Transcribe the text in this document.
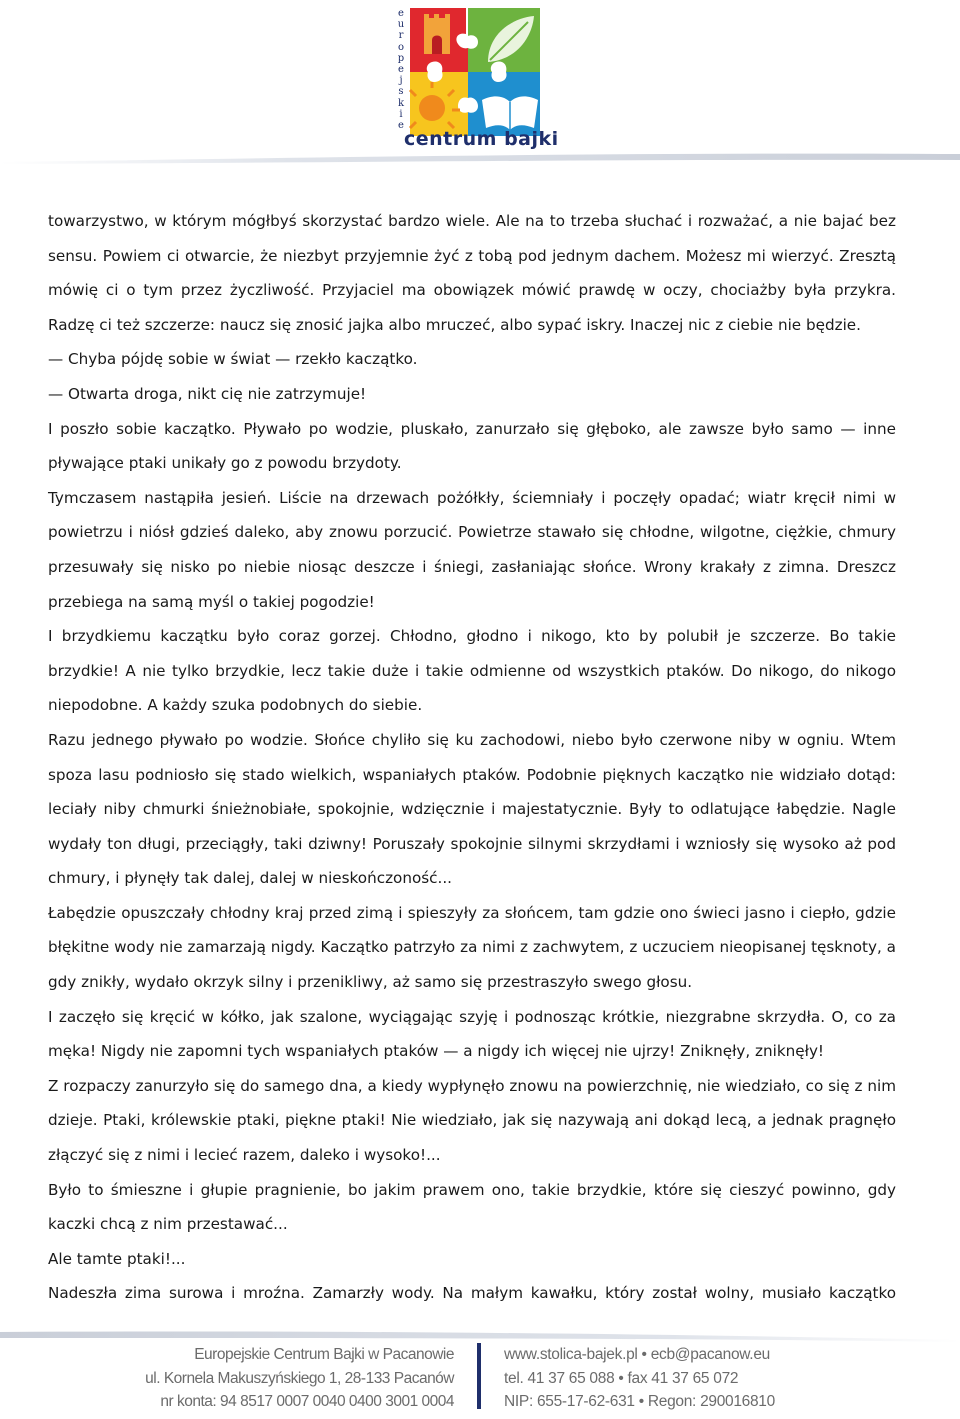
e
u
r
o
p
e
j
s
k
i
e
centrum bajki

towarzystwo, w którym mógłbyś skorzystać bardzo wiele. Ale na to trzeba słuchać i rozważać, a nie bajać bez sensu. Powiem ci otwarcie, że niezbyt przyjemnie żyć z tobą pod jednym dachem. Możesz mi wierzyć. Zresztą mówię ci o tym przez życzliwość. Przyjaciel ma obowiązek mówić prawdę w oczy, chociażby była przykra. Radzę ci też szczerze: naucz się znosić jajka albo mruczeć, albo sypać iskry. Inaczej nic z ciebie nie będzie.

— Chyba pójdę sobie w świat — rzekło kaczątko.

— Otwarta droga, nikt cię nie zatrzymuje!

I poszło sobie kaczątko. Pływało po wodzie, pluskało, zanurzało się głęboko, ale zawsze było samo — inne pływające ptaki unikały go z powodu brzydoty.

Tymczasem nastąpiła jesień. Liście na drzewach pożółkły, ściemniały i poczęły opadać; wiatr kręcił nimi w powietrzu i niósł gdzieś daleko, aby znowu porzucić. Powietrze stawało się chłodne, wilgotne, ciężkie, chmury przesuwały się nisko po niebie niosąc deszcze i śniegi, zasłaniając słońce. Wrony krakały z zimna. Dreszcz przebiega na samą myśl o takiej pogodzie!

I brzydkiemu kaczątku było coraz gorzej. Chłodno, głodno i nikogo, kto by polubił je szczerze. Bo takie brzydkie! A nie tylko brzydkie, lecz takie duże i takie odmienne od wszystkich ptaków. Do nikogo, do nikogo niepodobne. A każdy szuka podobnych do siebie.

Razu jednego pływało po wodzie. Słońce chyliło się ku zachodowi, niebo było czerwone niby w ogniu. Wtem spoza lasu podniosło się stado wielkich, wspaniałych ptaków. Podobnie pięknych kaczątko nie widziało dotąd: leciały niby chmurki śnieżnobiałe, spokojnie, wdzięcznie i majestatycznie. Były to odlatujące łabędzie. Nagle wydały ton długi, przeciągły, taki dziwny! Poruszały spokojnie silnymi skrzydłami i wzniosły się wysoko aż pod chmury, i płynęły tak dalej, dalej w nieskończoność...

Łabędzie opuszczały chłodny kraj przed zimą i spieszyły za słońcem, tam gdzie ono świeci jasno i ciepło, gdzie błękitne wody nie zamarzają nigdy. Kaczątko patrzyło za nimi z zachwytem, z uczuciem nieopisanej tęsknoty, a gdy znikły, wydało okrzyk silny i przenikliwy, aż samo się przestraszyło swego głosu.

I zaczęło się kręcić w kółko, jak szalone, wyciągając szyję i podnosząc krótkie, niezgrabne skrzydła. O, co za męka! Nigdy nie zapomni tych wspaniałych ptaków — a nigdy ich więcej nie ujrzy! Zniknęły, zniknęły!

Z rozpaczy zanurzyło się do samego dna, a kiedy wypłynęło znowu na powierzchnię, nie wiedziało, co się z nim dzieje. Ptaki, królewskie ptaki, piękne ptaki! Nie wiedziało, jak się nazywają ani dokąd lecą, a jednak pragnęło złączyć się z nimi i lecieć razem, daleko i wysoko!...

Było to śmieszne i głupie pragnienie, bo jakim prawem ono, takie brzydkie, które się cieszyć powinno, gdy kaczki chcą z nim przestawać...

Ale tamte ptaki!...

Nadeszła zima surowa i mroźna. Zamarzły wody. Na małym kawałku, który został wolny, musiało kaczątko

Europejskie Centrum Bajki w Pacanowie
ul. Kornela Makuszyńskiego 1, 28-133 Pacanów
nr konta: 94 8517 0007 0040 0400 3001 0004
www.stolica-bajek.pl • ecb@pacanow.eu
tel. 41 37 65 088 • fax 41 37 65 072
NIP: 655-17-62-631 • Regon: 290016810
